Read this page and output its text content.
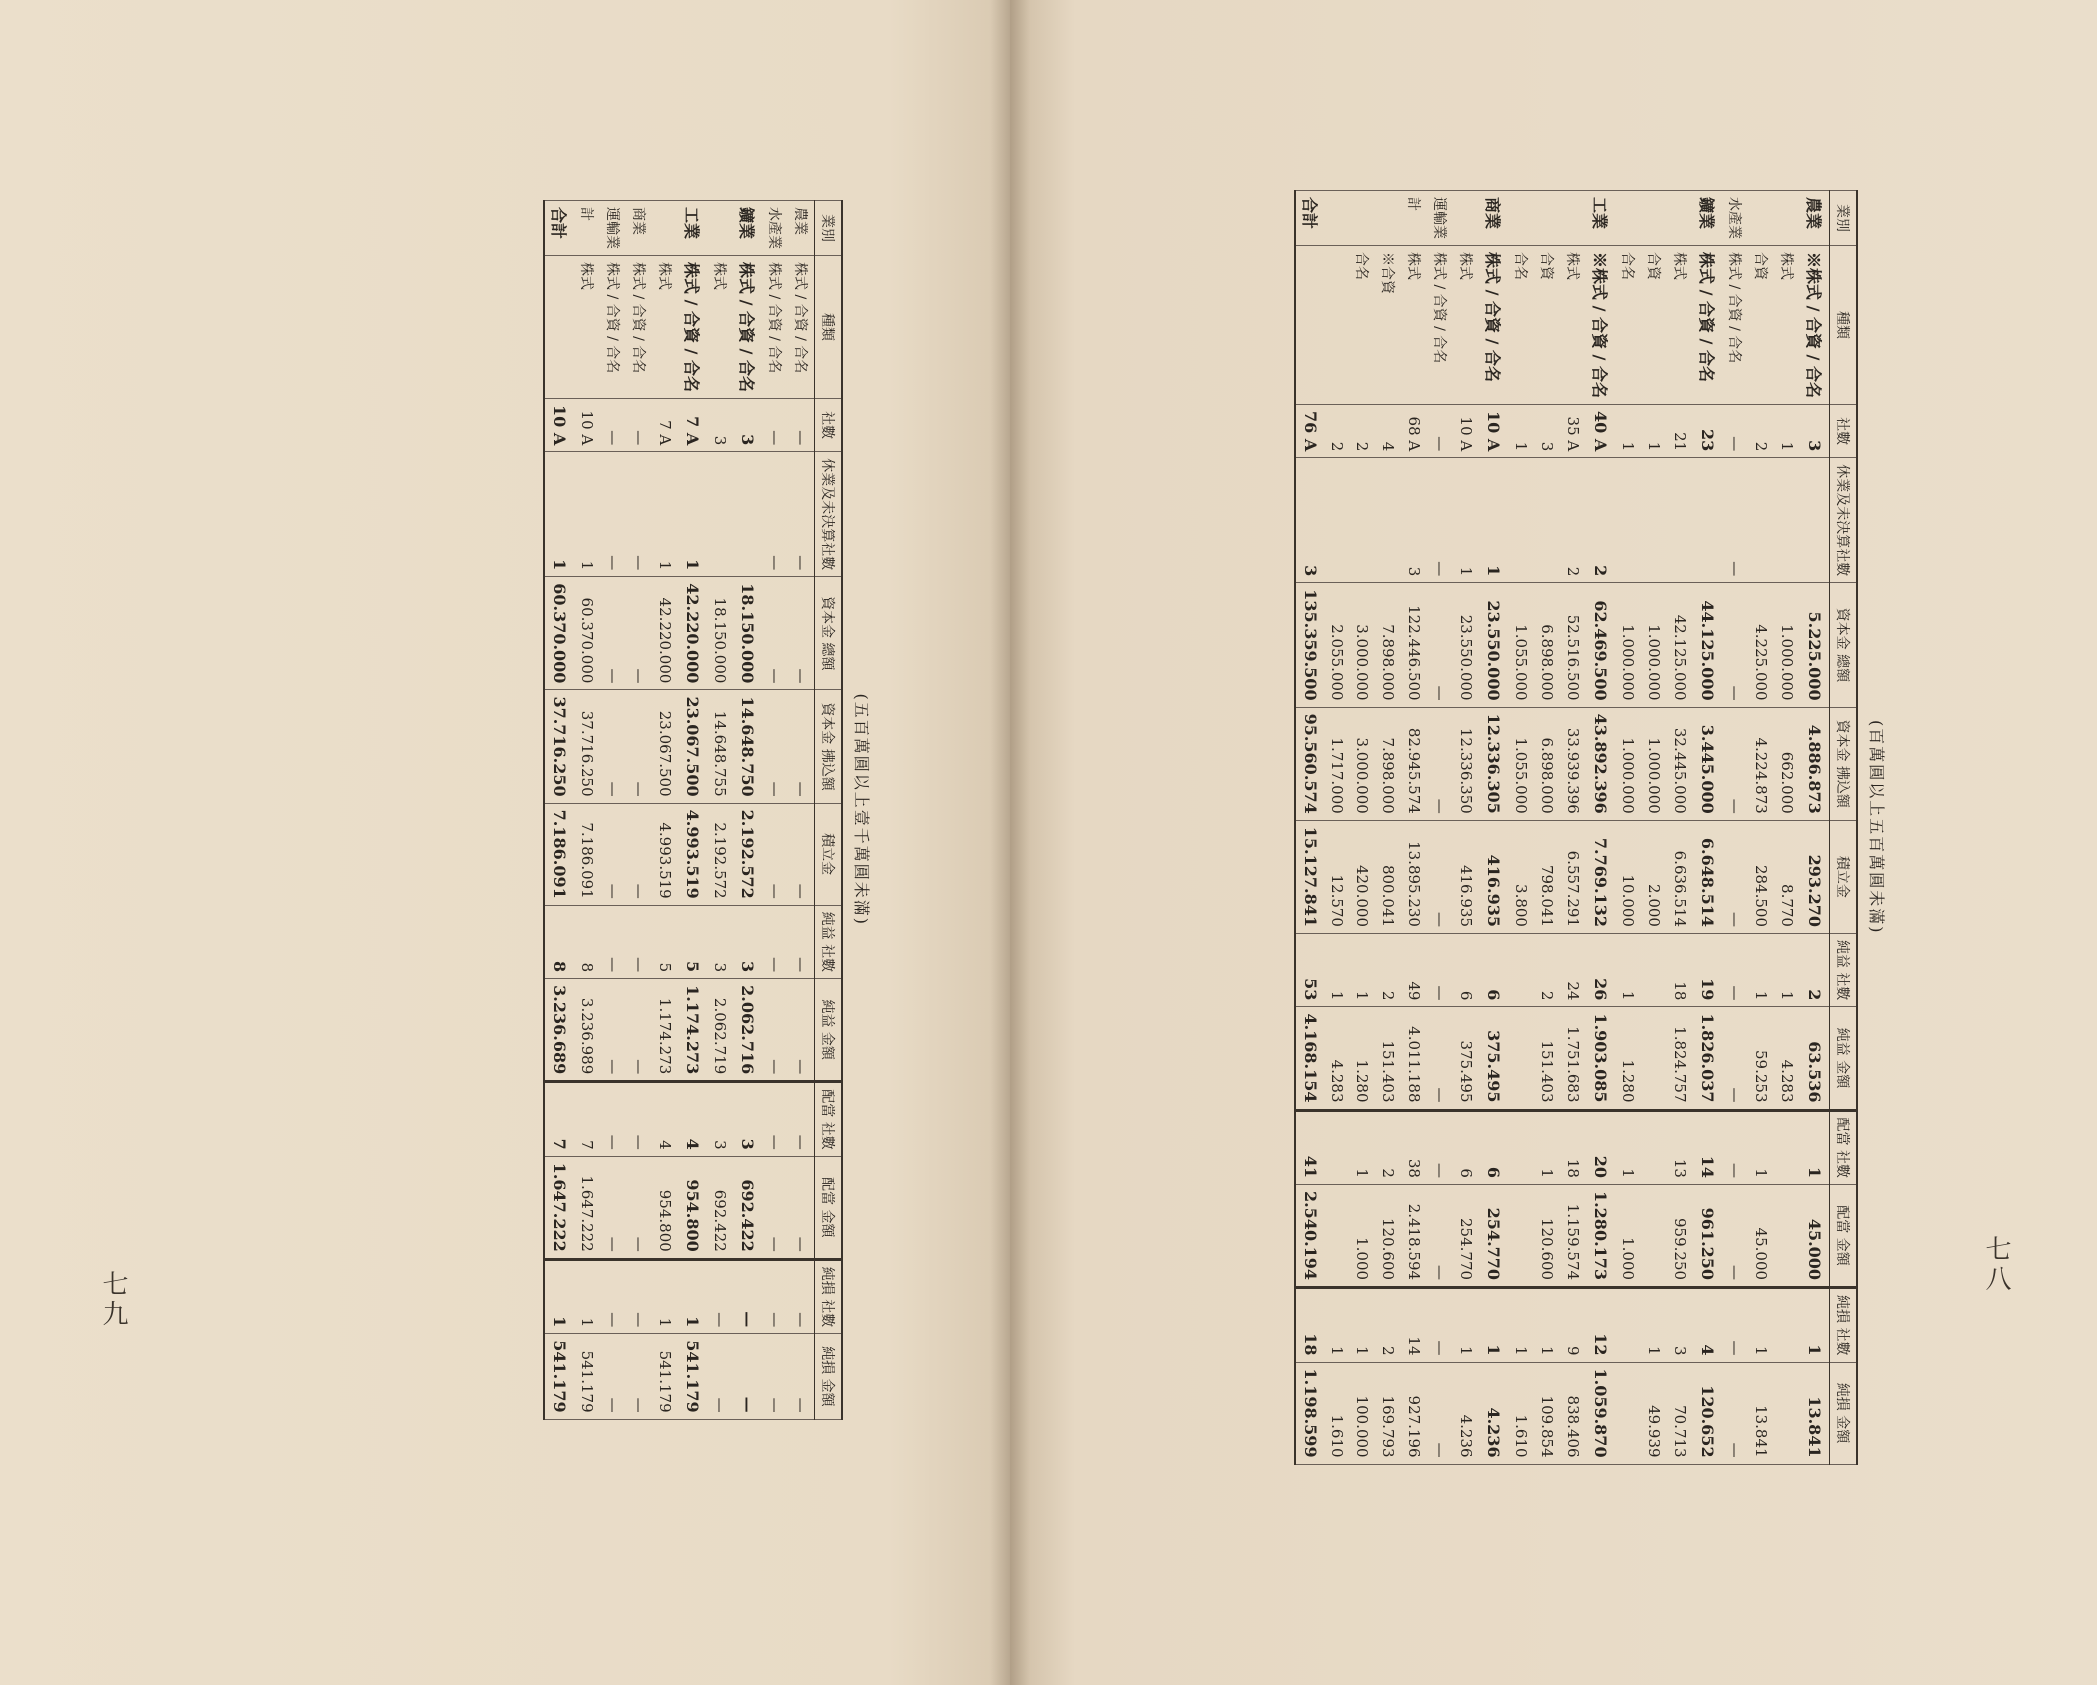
七九
七八
(五百萬圓以上壹千萬圓未滿)
業別	種類	社數	休業及未決算社數	資本金 總額	資本金 拂込額	積立金	純益 社數	純益 金額	配當 社數	配當 金額	純損 社數	純損 金額
農業	株式 / 合資 / 合名	—	—	—	—	—	—	—	—	—	—	—
水產業	株式 / 合資 / 合名	—	—	—	—	—	—	—	—	—	—	—
鑛業	株式 / 合資 / 合名	3		18.150.000	14.648.750	2.192.572	3	2.062.716	3	692.422	—	—
	株式	3		18.150.000	14.648.755	2.192.572	3	2.062.719	3	692.422	—	—
工業	株式 / 合資 / 合名	7 A	1	42.220.000	23.067.500	4.993.519	5	1.174.273	4	954.800	1	541.179
	株式	7 A	1	42.220.000	23.067.500	4.993.519	5	1.174.273	4	954.800	1	541.179
商業	株式 / 合資 / 合名	—	—	—	—	—	—	—	—	—	—	—
運輸業	株式 / 合資 / 合名	—	—	—	—	—	—	—	—	—	—	—
計	株式	10 A	1	60.370.000	37.716.250	7.186.091	8	3.236.989	7	1.647.222	1	541.179
合計		10 A	1	60.370.000	37.716.250	7.186.091	8	3.236.689	7	1.647.222	1	541.179
(百萬圓以上五百萬圓未滿)
業別	種類	社數	休業及未決算社數	資本金 總額	資本金 拂込額	積立金	純益 社數	純益 金額	配當 社數	配當 金額	純損 社數	純損 金額
農業	※株式 / 合資 / 合名	3		5.225.000	4.886.873	293.270	2	63.536	1	45.000	1	13.841
	株式	1		1.000.000	662.000	8.770	1	4.283				
	合資	2		4.225.000	4.224.873	284.500	1	59.253	1	45.000	1	13.841
水產業	株式 / 合資 / 合名	—	—	—	—	—	—	—	—	—	—	—
鑛業	株式 / 合資 / 合名	23		44.125.000	3.445.000	6.648.514	19	1.826.037	14	961.250	4	120.652
	株式	21		42.125.000	32.445.000	6.636.514	18	1.824.757	13	959.250	3	70.713
	合資	1		1.000.000	1.000.000	2.000					1	49.939
	合名	1		1.000.000	1.000.000	10.000	1	1.280	1	1.000		
工業	※株式 / 合資 / 合名	40 A	2	62.469.500	43.892.396	7.769.132	26	1.903.085	20	1.280.173	12	1.059.870
	株式	35 A	2	52.516.500	33.939.396	6.557.291	24	1.751.683	18	1.159.574	9	838.406
	合資	3		6.898.000	6.898.000	798.041	2	151.403	1	120.600	1	109.854
	合名	1		1.055.000	1.055.000	3.800					1	1.610
商業	株式 / 合資 / 合名	10 A	1	23.550.000	12.336.305	416.935	6	375.495	6	254.770	1	4.236
	株式	10 A	1	23.550.000	12.336.350	416.935	6	375.495	6	254.770	1	4.236
運輸業	株式 / 合資 / 合名	—	—	—	—	—	—	—	—	—	—	—
計	株式	68 A	3	122.446.500	82.945.574	13.895.230	49	4.011.188	38	2.418.594	14	927.196
	※合資	4		7.898.000	7.898.000	800.041	2	151.403	2	120.600	2	169.793
	合名	2		3.000.000	3.000.000	420.000	1	1.280	1	1.000	1	100.000
		2		2.055.000	1.717.000	12.570	1	4.283			1	1.610
合計		76 A	3	135.359.500	95.560.574	15.127.841	53	4.168.154	41	2.540.194	18	1.198.599
